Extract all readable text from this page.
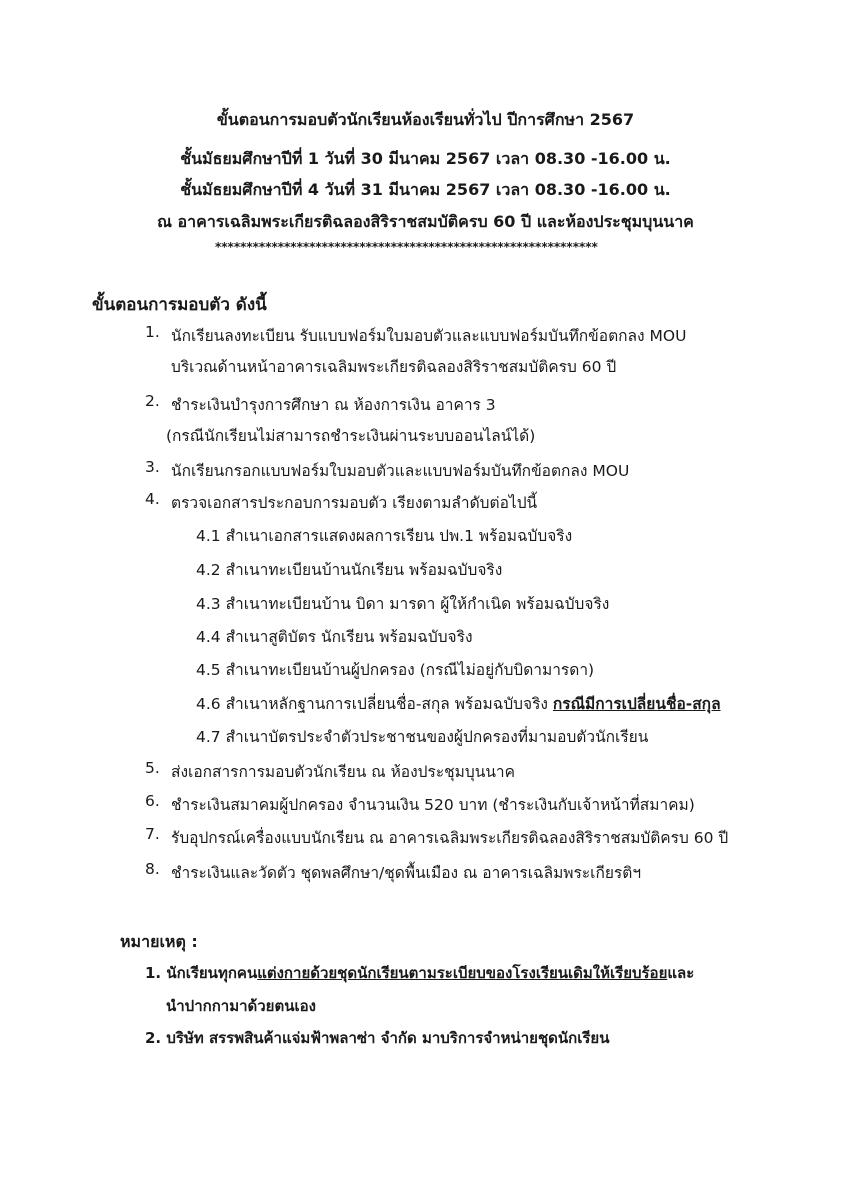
ขั้นตอนการมอบตัวนักเรียนห้องเรียนทั่วไป ปีการศึกษา 2567
ชั้นมัธยมศึกษาปีที่ 1 วันที่ 30 มีนาคม 2567 เวลา 08.30 -16.00 น.
ชั้นมัธยมศึกษาปีที่ 4 วันที่ 31 มีนาคม 2567 เวลา 08.30 -16.00 น.
ณ อาคารเฉลิมพระเกียรติฉลองสิริราชสมบัติครบ 60 ปี และห้องประชุมบุนนาค
*************************************************************
ขั้นตอนการมอบตัว ดังนี้
1. นักเรียนลงทะเบียน รับแบบฟอร์มใบมอบตัวและแบบฟอร์มบันทึกข้อตกลง MOU
บริเวณด้านหน้าอาคารเฉลิมพระเกียรติฉลองสิริราชสมบัติครบ 60 ปี
2. ชำระเงินบำรุงการศึกษา ณ ห้องการเงิน อาคาร 3
(กรณีนักเรียนไม่สามารถชำระเงินผ่านระบบออนไลน์ได้)
3. นักเรียนกรอกแบบฟอร์มใบมอบตัวและแบบฟอร์มบันทึกข้อตกลง MOU
4. ตรวจเอกสารประกอบการมอบตัว เรียงตามลำดับต่อไปนี้
4.1 สำเนาเอกสารแสดงผลการเรียน ปพ.1 พร้อมฉบับจริง
4.2 สำเนาทะเบียนบ้านนักเรียน พร้อมฉบับจริง
4.3 สำเนาทะเบียนบ้าน บิดา มารดา ผู้ให้กำเนิด พร้อมฉบับจริง
4.4 สำเนาสูติบัตร นักเรียน พร้อมฉบับจริง
4.5 สำเนาทะเบียนบ้านผู้ปกครอง (กรณีไม่อยู่กับบิดามารดา)
4.6 สำเนาหลักฐานการเปลี่ยนชื่อ-สกุล พร้อมฉบับจริง กรณีมีการเปลี่ยนชื่อ-สกุล
4.7 สำเนาบัตรประจำตัวประชาชนของผู้ปกครองที่มามอบตัวนักเรียน
5. ส่งเอกสารการมอบตัวนักเรียน ณ ห้องประชุมบุนนาค
6. ชำระเงินสมาคมผู้ปกครอง จำนวนเงิน 520 บาท (ชำระเงินกับเจ้าหน้าที่สมาคม)
7. รับอุปกรณ์เครื่องแบบนักเรียน ณ อาคารเฉลิมพระเกียรติฉลองสิริราชสมบัติครบ 60 ปี
8. ชำระเงินและวัดตัว ชุดพลศึกษา/ชุดพื้นเมือง ณ อาคารเฉลิมพระเกียรติฯ
หมายเหตุ :
1. นักเรียนทุกคนแต่งกายด้วยชุดนักเรียนตามระเบียบของโรงเรียนเดิมให้เรียบร้อยและ
นำปากกามาด้วยตนเอง
2. บริษัท สรรพสินค้าแจ่มฟ้าพลาซ่า จำกัด มาบริการจำหน่ายชุดนักเรียน
